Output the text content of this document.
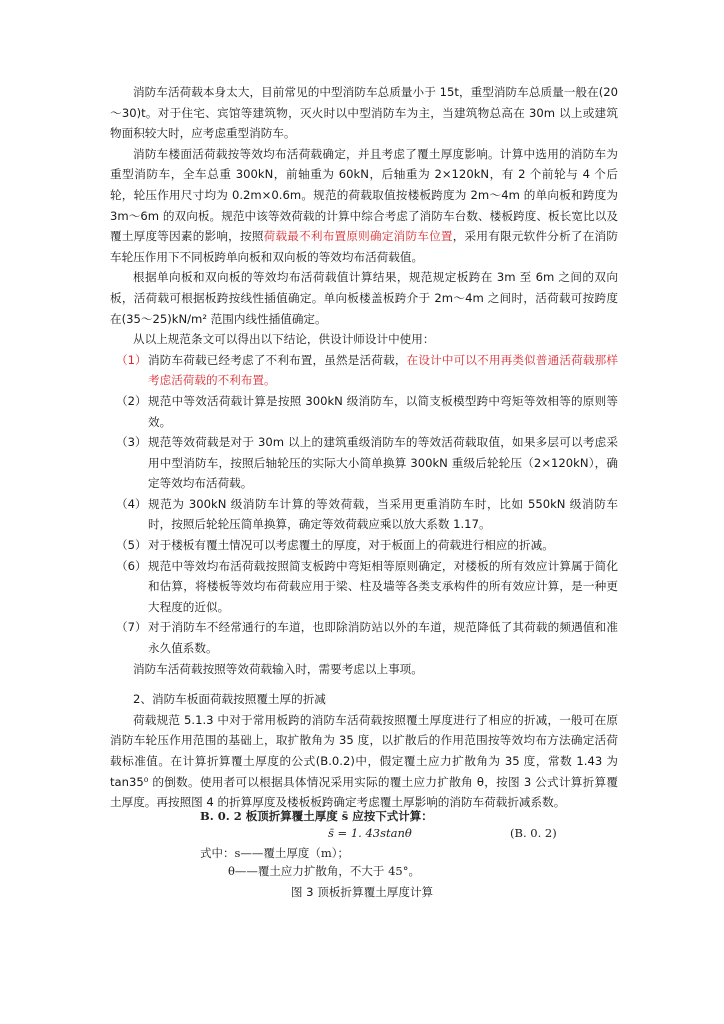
消防车活荷载本身太大，目前常见的中型消防车总质量小于 15t，重型消防车总质量一般在(20～30)t。对于住宅、宾馆等建筑物，灭火时以中型消防车为主，当建筑物总高在 30m 以上或建筑物面积较大时，应考虑重型消防车。

消防车楼面活荷载按等效均布活荷载确定，并且考虑了覆土厚度影响。计算中选用的消防车为重型消防车，全车总重 300kN，前轴重为 60kN，后轴重为 2×120kN，有 2 个前轮与 4 个后轮，轮压作用尺寸均为 0.2m×0.6m。规范的荷载取值按楼板跨度为 2m～4m 的单向板和跨度为 3m～6m 的双向板。规范中该等效荷载的计算中综合考虑了消防车台数、楼板跨度、板长宽比以及覆土厚度等因素的影响，按照荷载最不利布置原则确定消防车位置，采用有限元软件分析了在消防车轮压作用下不同板跨单向板和双向板的等效均布活荷载值。

根据单向板和双向板的等效均布活荷载值计算结果，规范规定板跨在 3m 至 6m 之间的双向板，活荷载可根据板跨按线性插值确定。单向板楼盖板跨介于 2m～4m 之间时，活荷载可按跨度在(35～25)kN/m² 范围内线性插值确定。

从以上规范条文可以得出以下结论，供设计师设计中使用：

（1） 消防车荷载已经考虑了不利布置，虽然是活荷载，在设计中可以不用再类似普通活荷载那样考虑活荷载的不利布置。
（2） 规范中等效活荷载计算是按照 300kN 级消防车，以简支板模型跨中弯矩等效相等的原则等效。
（3） 规范等效荷载是对于 30m 以上的建筑重级消防车的等效活荷载取值，如果多层可以考虑采用中型消防车，按照后轴轮压的实际大小简单换算 300kN 重级后轮轮压（2×120kN），确定等效均布活荷载。
（4） 规范为 300kN 级消防车计算的等效荷载，当采用更重消防车时，比如 550kN 级消防车时，按照后轮轮压简单换算，确定等效荷载应乘以放大系数 1.17。
（5） 对于楼板有覆土情况可以考虑覆土的厚度，对于板面上的荷载进行相应的折减。
（6） 规范中等效均布活荷载按照简支板跨中弯矩相等原则确定，对楼板的所有效应计算属于简化和估算，将楼板等效均布荷载应用于梁、柱及墙等各类支承构件的所有效应计算，是一种更大程度的近似。
（7） 对于消防车不经常通行的车道，也即除消防站以外的车道，规范降低了其荷载的频遇值和准永久值系数。

消防车活荷载按照等效荷载输入时，需要考虑以上事项。

2、消防车板面荷载按照覆土厚的折减

荷载规范 5.1.3 中对于常用板跨的消防车活荷载按照覆土厚度进行了相应的折减，一般可在原消防车轮压作用范围的基础上，取扩散角为 35 度，以扩散后的作用范围按等效均布方法确定活荷载标准值。在计算折算覆土厚度的公式(B.0.2)中，假定覆土应力扩散角为 35 度，常数 1.43 为 tan35⁰ 的倒数。使用者可以根据具体情况采用实际的覆土应力扩散角 θ，按图 3 公式计算折算覆土厚度。再按照图 4 的折算厚度及楼板板跨确定考虑覆土厚影响的消防车荷载折减系数。

B. 0. 2 板顶折算覆土厚度 s̄ 应按下式计算：
s̄ = 1. 43stanθ	(B. 0. 2)
式中：s——覆土厚度（m）；
θ——覆土应力扩散角，不大于 45°。
图 3 顶板折算覆土厚度计算
